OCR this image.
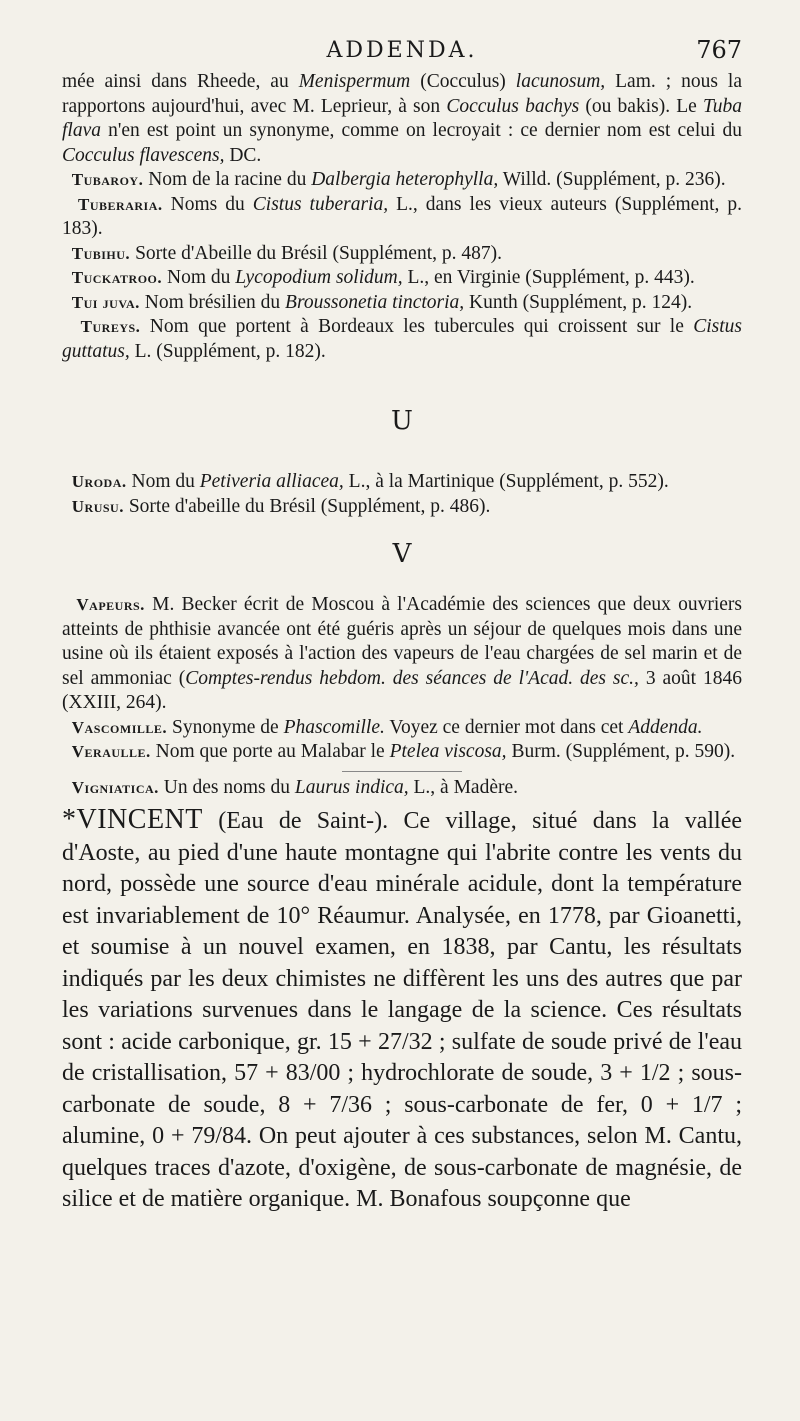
ADDENDA.	767

mée ainsi dans Rheede, au Menispermum (Cocculus) lacunosum, Lam. ; nous la rapportons aujourd'hui, avec M. Leprieur, à son Cocculus bachys (ou bakis). Le Tuba flava n'en est point un synonyme, comme on lecroyait : ce dernier nom est celui du Cocculus flavescens, DC.

Tubaroy. Nom de la racine du Dalbergia heterophylla, Willd. (Supplément, p. 236).

Tuberaria. Noms du Cistus tuberaria, L., dans les vieux auteurs (Supplément, p. 183).

Tubihu. Sorte d'Abeille du Brésil (Supplément, p. 487).

Tuckatroo. Nom du Lycopodium solidum, L., en Virginie (Supplément, p. 443).

Tui juva. Nom brésilien du Broussonetia tinctoria, Kunth (Supplément, p. 124).

Tureys. Nom que portent à Bordeaux les tubercules qui croissent sur le Cistus guttatus, L. (Supplément, p. 182).

U

Uroda. Nom du Petiveria alliacea, L., à la Martinique (Supplément, p. 552).

Urusu. Sorte d'abeille du Brésil (Supplément, p. 486).

V

Vapeurs. M. Becker écrit de Moscou à l'Académie des sciences que deux ouvriers atteints de phthisie avancée ont été guéris après un séjour de quelques mois dans une usine où ils étaient exposés à l'action des vapeurs de l'eau chargées de sel marin et de sel ammoniac (Comptes-rendus hebdom. des séances de l'Acad. des sc., 3 août 1846 (XXIII, 264).

Vascomille. Synonyme de Phascomille. Voyez ce dernier mot dans cet Addenda.

Veraulle. Nom que porte au Malabar le Ptelea viscosa, Burm. (Supplément, p. 590).

Vigniatica. Un des noms du Laurus indica, L., à Madère.

*VINCENT (Eau de Saint-). Ce village, situé dans la vallée d'Aoste, au pied d'une haute montagne qui l'abrite contre les vents du nord, possède une source d'eau minérale acidule, dont la température est invariablement de 10° Réaumur. Analysée, en 1778, par Gioanetti, et soumise à un nouvel examen, en 1838, par Cantu, les résultats indiqués par les deux chimistes ne diffèrent les uns des autres que par les variations survenues dans le langage de la science. Ces résultats sont : acide carbonique, gr. 15 + 27/32 ; sulfate de soude privé de l'eau de cristallisation, 57 + 83/00 ; hydrochlorate de soude, 3 + 1/2 ; sous-carbonate de soude, 8 + 7/36 ; sous-carbonate de fer, 0 + 1/7 ; alumine, 0 + 79/84. On peut ajouter à ces substances, selon M. Cantu, quelques traces d'azote, d'oxigène, de sous-carbonate de magnésie, de silice et de matière organique. M. Bonafous soupçonne que
